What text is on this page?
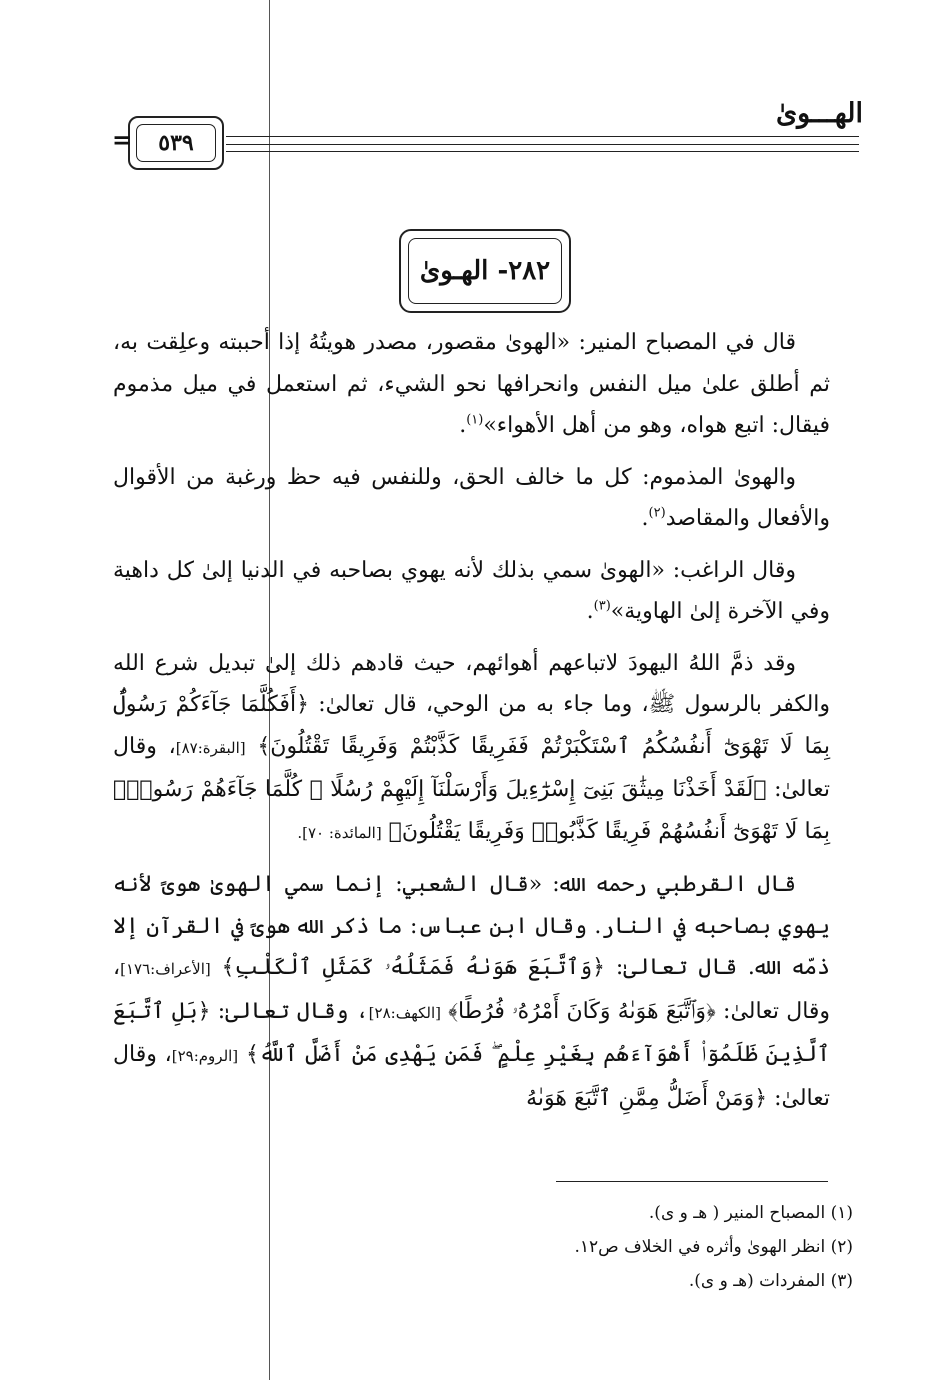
الهـــوىٰ
٥٣٩
=
٢٨٢- الهـوىٰ

قال في المصباح المنير: «الهوىٰ مقصور، مصدر هويتُهُ إذا أحببته وعلِقت به، ثم أطلق علىٰ ميل النفس وانحرافها نحو الشيء، ثم استعمل في ميل مذموم فيقال: اتبع هواه، وهو من أهل الأهواء»$^{(١)}$.

والهوىٰ المذموم: كل ما خالف الحق، وللنفس فيه حظ ورغبة من الأقوال والأفعال والمقاصد$^{(٢)}$.

وقال الراغب: «الهوىٰ سمي بذلك لأنه يهوي بصاحبه في الدنيا إلىٰ كل داهية وفي الآخرة إلىٰ الهاوية»$^{(٣)}$.

وقد ذمَّ اللهُ اليهودَ لاتباعهم أهوائهم، حيث قادهم ذلك إلىٰ تبديل شرع الله والكفر بالرسول ﷺ، وما جاء به من الوحي، قال تعالىٰ: ﴿أَفَكُلَّمَا جَآءَكُمْ رَسُولٌۢ بِمَا لَا تَهْوَىٰٓ أَنفُسُكُمُ ٱسْتَكْبَرْتُمْ فَفَرِيقًا كَذَّبْتُمْ وَفَرِيقًا تَقْتُلُونَ﴾ [البقرة:٨٧]، وقال تعالىٰ: ﴿لَقَدْ أَخَذْنَا مِيثَٰقَ بَنِىٓ إِسْرَٰٓءِيلَ وَأَرْسَلْنَآ إِلَيْهِمْ رُسُلًا ۖ كُلَّمَا جَآءَهُمْ رَسُولٌۢ بِمَا لَا تَهْوَىٰٓ أَنفُسُهُمْ فَرِيقًا كَذَّبُوا۟ وَفَرِيقًا يَقْتُلُونَ﴾ [المائدة: ٧٠].

قال القرطبي رحمه الله: «قال الشعبي: إنما سمي الهوىٰ هوىً لأنه يهوي بصاحبه في النار. وقال ابن عباس: ما ذكر الله هوىً في القرآن إلا ذمّه الله. قال تعالىٰ: ﴿وَٱتَّبَعَ هَوَىٰهُ فَمَثَلُهُۥ كَمَثَلِ ٱلْكَلْبِ﴾ [الأعراف:١٧٦]، وقال تعالىٰ: ﴿وَٱتَّبَعَ هَوَىٰهُ وَكَانَ أَمْرُهُۥ فُرُطًا﴾ [الكهف:٢٨]، وقال تعالىٰ: ﴿بَلِ ٱتَّبَعَ ٱلَّذِينَ ظَلَمُوٓا۟ أَهْوَآءَهُم بِغَيْرِ عِلْمٍ ۖ فَمَن يَهْدِى مَنْ أَضَلَّ ٱللَّهُ﴾ [الروم:٢٩]، وقال تعالىٰ: ﴿وَمَنْ أَضَلُّ مِمَّنِ ٱتَّبَعَ هَوَىٰهُ

(١) المصباح المنير ( هـ و ى).
(٢) انظر الهوىٰ وأثره في الخلاف ص١٢.
(٣) المفردات (هـ و ى).
